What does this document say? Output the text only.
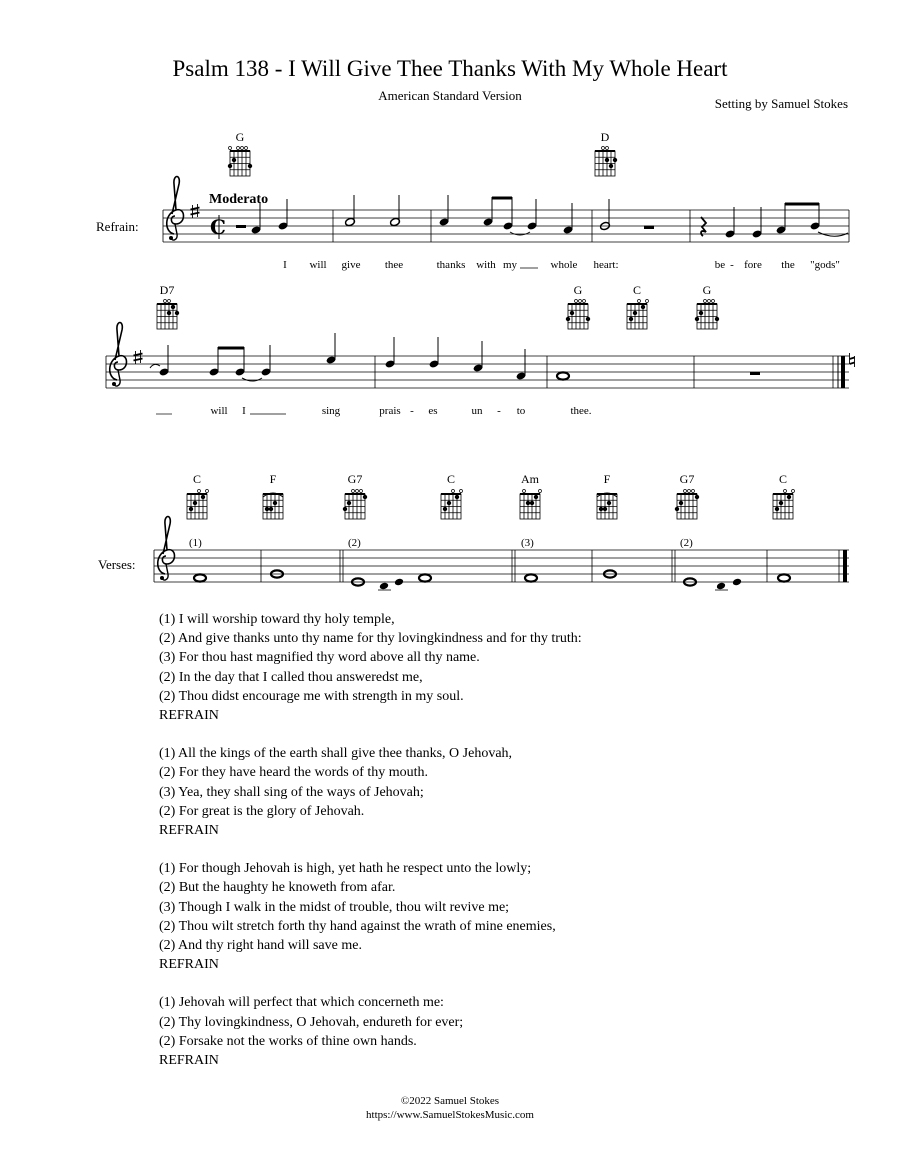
Psalm 138 - I Will Give Thee Thanks With My Whole Heart
American Standard Version
Setting by Samuel Stokes
G	D
Moderato
Refrain:	C
I will give thee	thanks with my	whole heart:	be - fore the "gods"
D7	G	C	G
will I	sing	prais - es	un - to	thee.
C	F	G7	C	Am	F	G7	C
Verses:
(1)	(2)	(3)	(2)
(1) I will worship toward thy holy temple,
(2) And give thanks unto thy name for thy lovingkindness and for thy truth:
(3) For thou hast magnified thy word above all thy name.
(2) In the day that I called thou answeredst me,
(2) Thou didst encourage me with strength in my soul.
REFRAIN
(1) All the kings of the earth shall give thee thanks, O Jehovah,
(2) For they have heard the words of thy mouth.
(3) Yea, they shall sing of the ways of Jehovah;
(2) For great is the glory of Jehovah.
REFRAIN
(1) For though Jehovah is high, yet hath he respect unto the lowly;
(2) But the haughty he knoweth from afar.
(3) Though I walk in the midst of trouble, thou wilt revive me;
(2) Thou wilt stretch forth thy hand against the wrath of mine enemies,
(2) And thy right hand will save me.
REFRAIN
(1) Jehovah will perfect that which concerneth me:
(2) Thy lovingkindness, O Jehovah, endureth for ever;
(2) Forsake not the works of thine own hands.
REFRAIN
©2022 Samuel Stokes
https://www.SamuelStokesMusic.com
